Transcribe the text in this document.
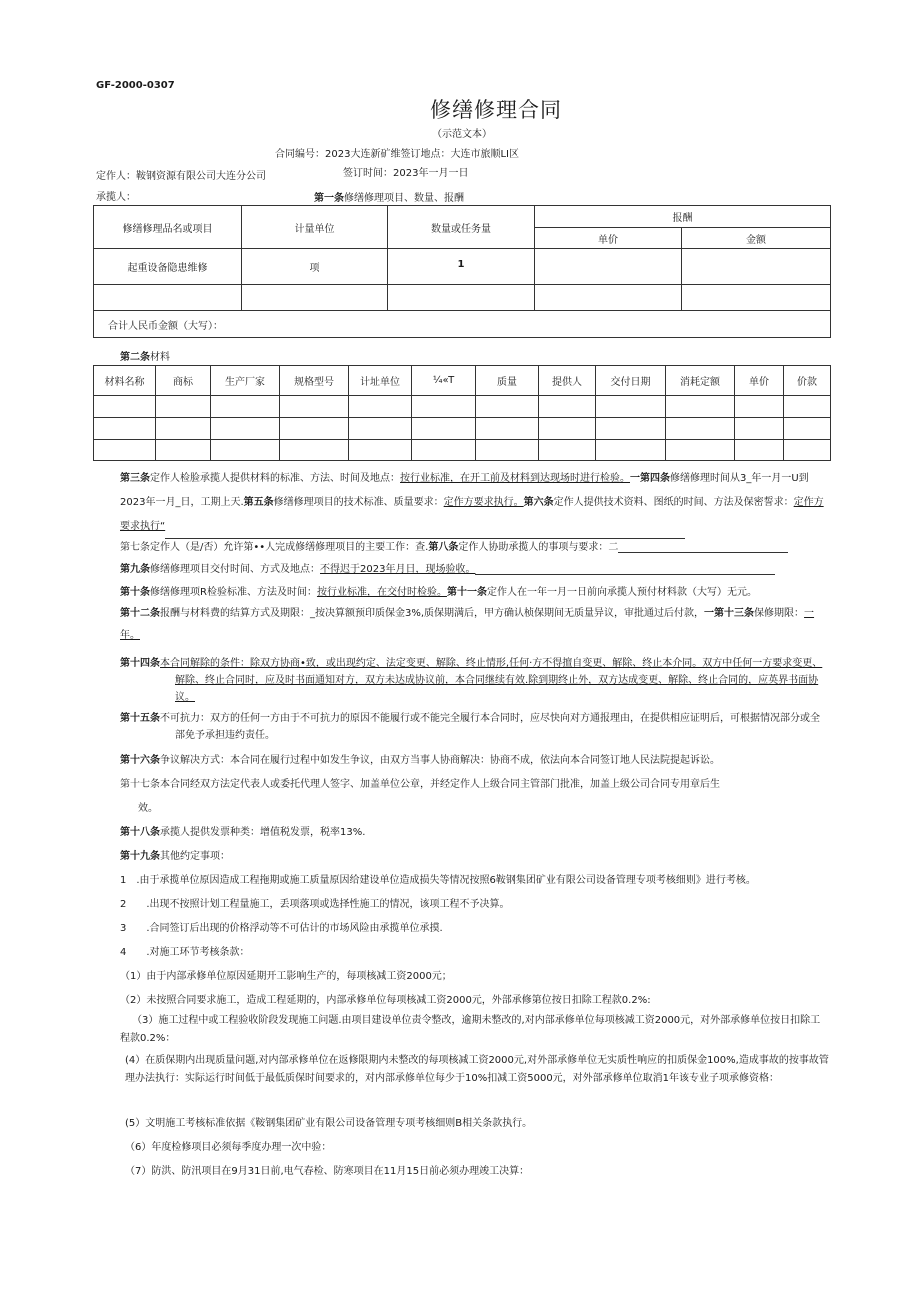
GF-2000-0307
修缮修理合同
（示范文本）
合同编号：2023大连新矿维签订地点：大连市旅顺LI区
定作人：鞍钢资源有限公司大连分公司	签订时间：2023年一月一日
承揽人：	第一条修缮修理项目、数量、报酬
修缮修理品名或项目	计量单位	数量或任务量	报酬	
			单价	金额
起重设备隐患维修	项	1		

合计人民币金额（大写）：				
第二条材料
材料名称	商标	生产厂家	规格型号	计址单位	¼«T	质量	提供人	交付日期	消耗定额	单价	价款

第三条定作人检脸承揽人提供材料的标准、方法、时间及地点：按行业标准，在开工前及材料到达现场时进行检验。一第四条修缮修理时间从3_年一月一U到2023年一月_日，工期上天.第五条修缮修理项目的技术标准、质量要求：定作方要求执行。第六条定作人提供技术资料、图纸的时间、方法及保密誓求：定作方要求执行“
第七条定作人（是/否）允许第••人完成修缮修理项目的主要工作：查.第八条定作人协助承揽人的事项与要求：二
第九条修缮修理项目交付时间、方式及地点：不得迟于2023年月日，现场验收。
第十条修缮修理项R检验标准、方法及时间：按行业标准，在交付时检验。第十一条定作人在一年一月一日前向承揽人预付材料款（大写）无元。
第十二条报酬与材料费的结算方式及期限：_按决算额预印质保金3%,质保期满后，甲方确认桢保期间无质量异议，审批通过后付款，一第十三条保修期限：一年。
第十四条本合同解除的条件：除双方协商•致，或出现约定、法定变更、解除、终止情形,任何·方不得擅自变更、解除、终止本介同。双方中任何一方要求变更、解除、终止合同时，应及时书面通知对方，双方未达成协议前，本合同继续有效.除到期终止外，双方达成变更、解除、终止合同的，应英界书面协议。
第十五条不可抗力：双方的任何一方由于不可抗力的原因不能履行或不能完全履行本合同时，应尽快向对方通报理由，在提供相应证明后，可根据情况部分或全部免予承担违约责任。
第十六条争议解决方式：本合同在履行过程中如发生争议，由双方当事人协商解决：协商不成，依法向本合同签订地人民法院提起诉讼。
第十七条本合同经双方法定代表人或委托代理人签字、加盖单位公章，并经定作人上级合同主管部门批准，加盖上级公司合同专用章后生
效。
第十八条承揽人提供发票种类：增值税发票，税率13%.
第十九条其他约定事项：
1　.由于承揽单位原因造成工程拖期或施工质量原因给建设单位造成损失等情况按照6鞍钢集团矿业有限公司设备管理专项考核细则》进行考核。
2　　.出现不按照计划工程量施工，丢项落项或选择性施工的情况，该项工程不予决算。
3　　.合同签订后出现的价格浮动等不可估计的市场风险由承揽单位承摸.
4　　.对施工环节考核条款：
（1）由于内部承修单位原因延期开工影响生产的，每项核减工资2000元；
（2）未按照合同要求施工，造成工程延期的，内部承修单位每项核减工资2000元，外部承修第位按日扣除工程款0.2%:
（3）施工过程中或工程验收阶段发现施工问题.由项目建设单位责令整改，逾期未整改的,对内部承修单位每项核减工资2000元，对外部承修单位按日扣除工程款0.2%：
(4）在质保期内出现质量问题,对内部承修单位在返修限期内未整改的每项核减工资2000元,对外部承修单位无实质性响应的扣质保金100%,造成事故的按事故管理办法执行：实际运行时间低于最低质保时间要求的，对内部承修单位每少于10%扣减工资5000元，对外部承修单位取消1年该专业子项承修资格：
(5）文明施工考核标准依据《鞍钢集团矿业有限公司设备管理专项考核细则B相关条款执行。
（6）年度检修项目必须每季度办理一次中验：
（7）防洪、防汛项目在9月31日前,电气春检、防寒项目在11月15日前必须办理竣工决算：
